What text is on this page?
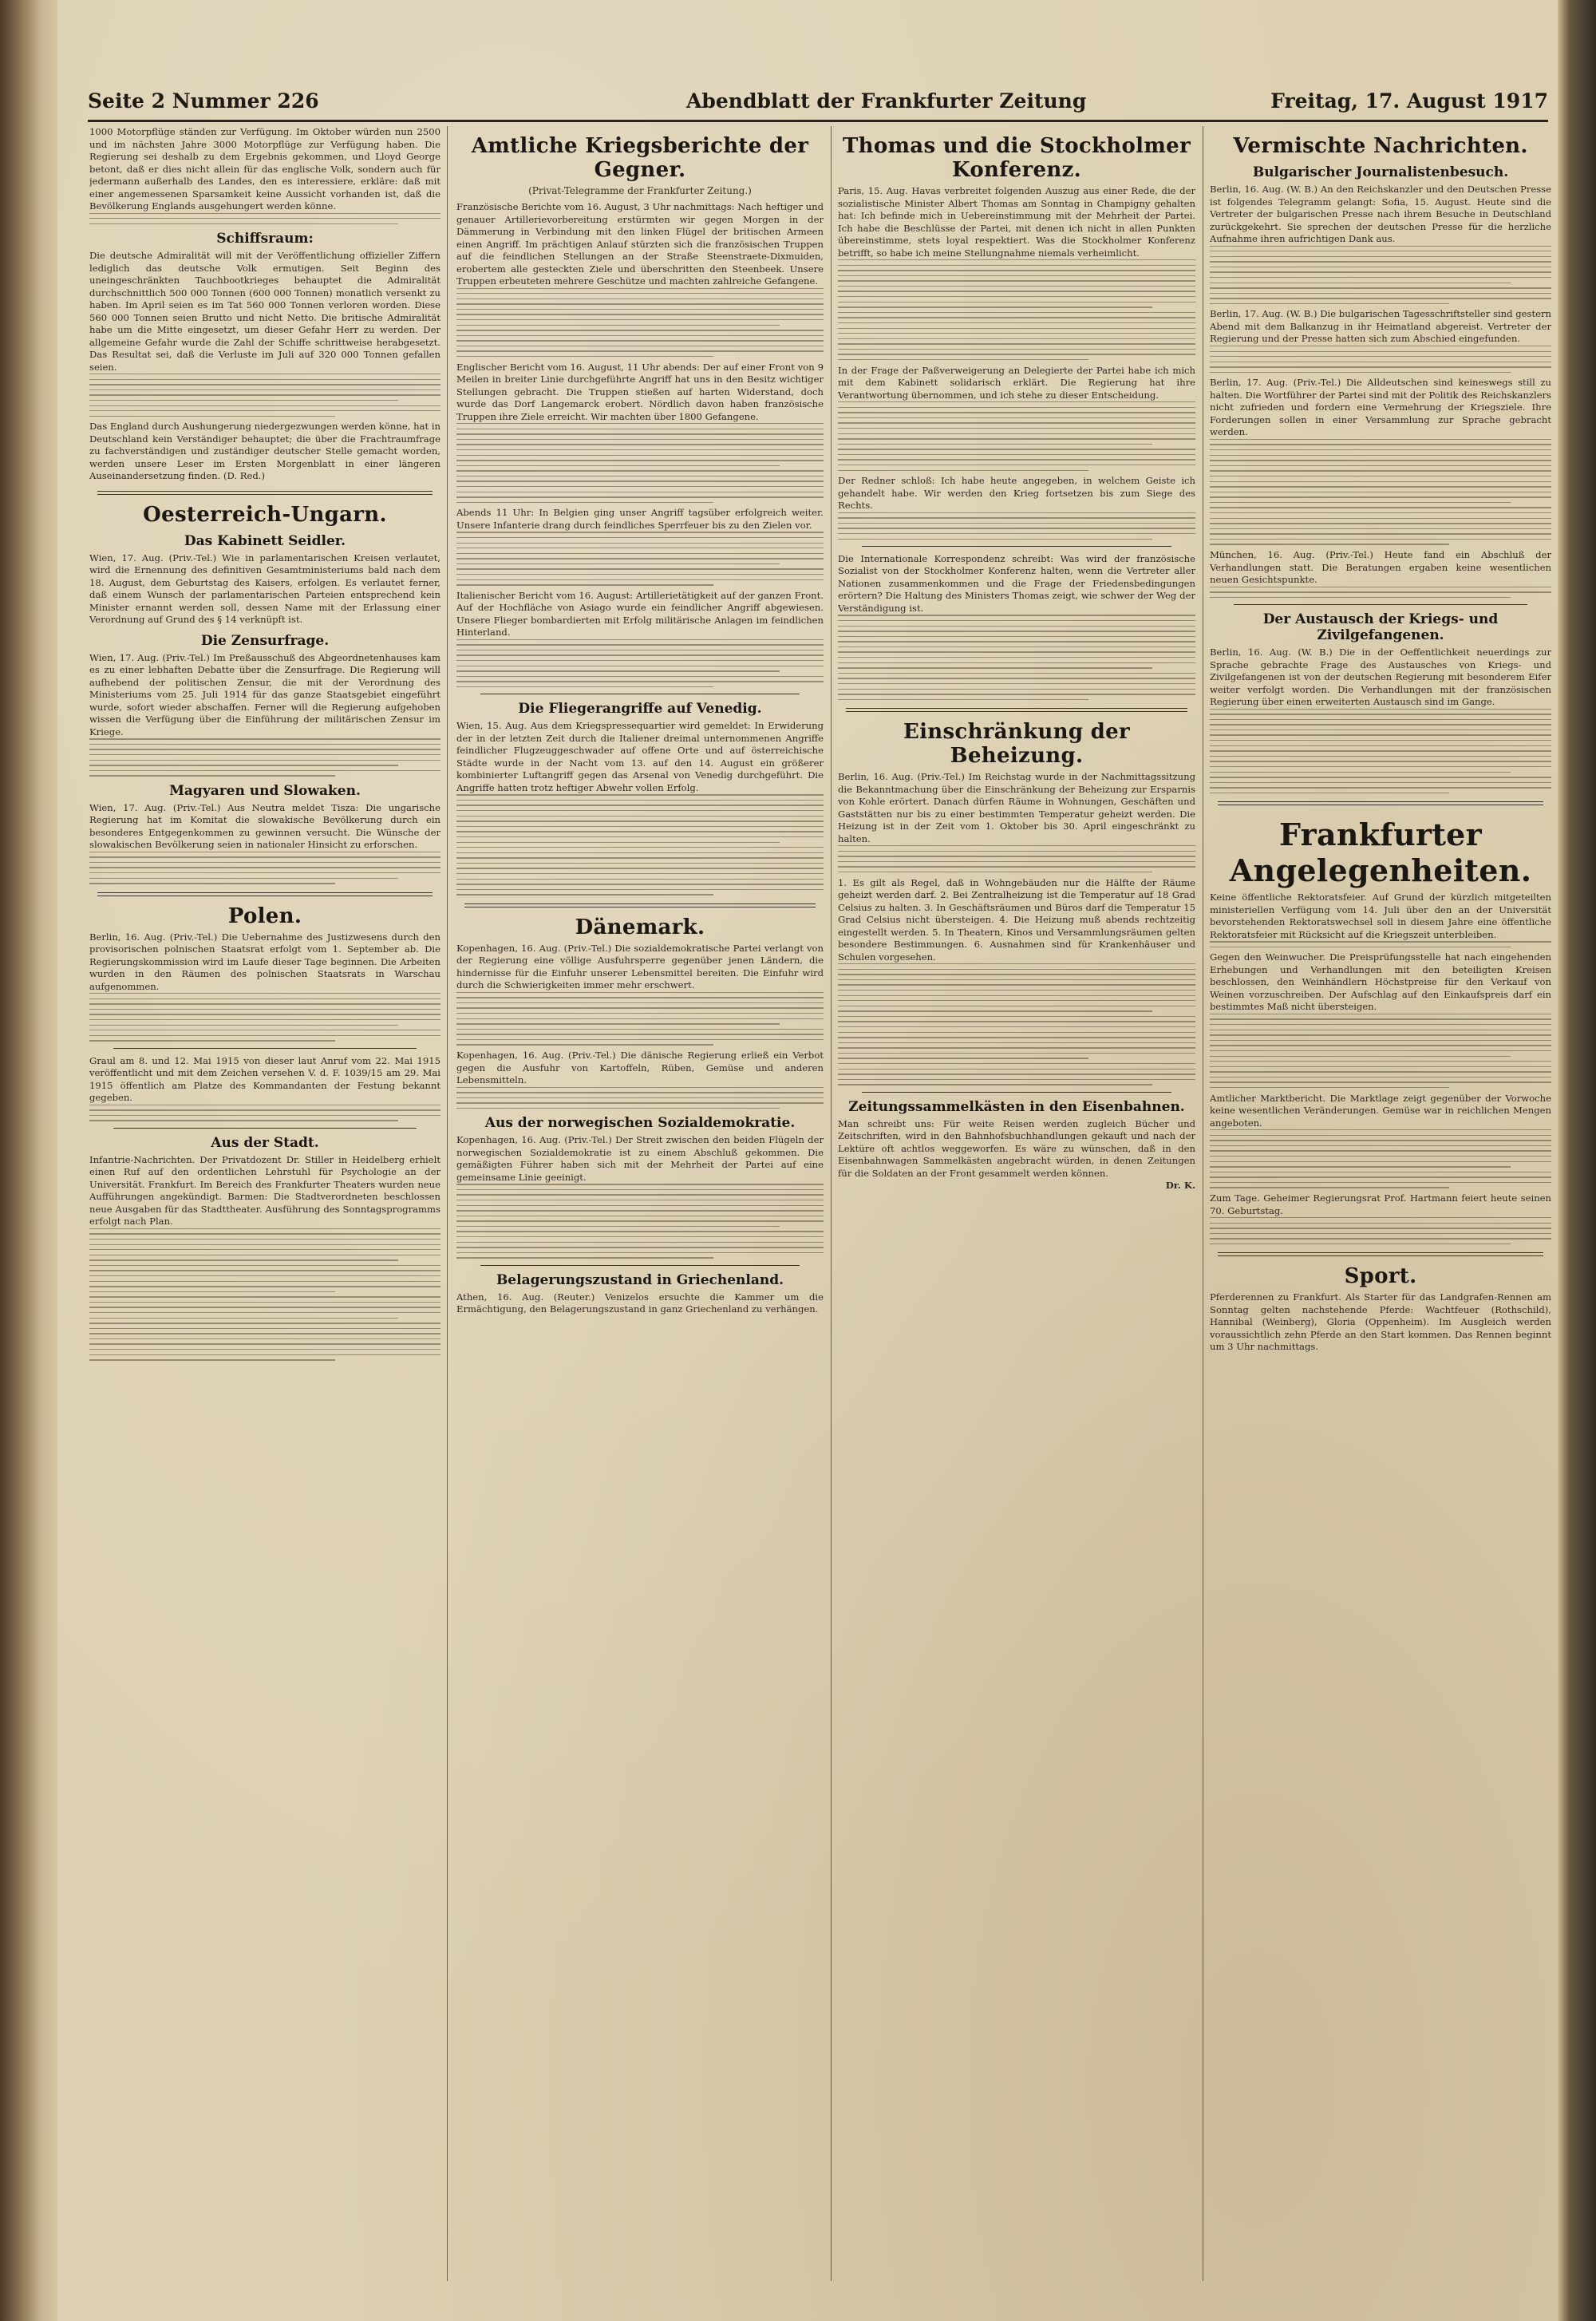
Seite 2 Nummer 226	Abendblatt der Frankfurter Zeitung	Freitag, 17. August 1917

1000 Motorpflüge ständen zur Verfügung. Im Oktober würden nun 2500 und im nächsten Jahre 3000 Motorpflüge zur Verfügung haben. Die Regierung sei deshalb zu dem Ergebnis gekommen, und Lloyd George betont, daß er dies nicht allein für das englische Volk, sondern auch für jedermann außerhalb des Landes, den es interessiere, erkläre: daß mit einer angemessenen Sparsamkeit keine Aussicht vorhanden ist, daß die Bevölkerung Englands ausgehungert werden könne.

Schiffsraum:

Die deutsche Admiralität will mit der Veröffentlichung offizieller Ziffern lediglich das deutsche Volk ermutigen. Seit Beginn des uneingeschränkten Tauchbootkrieges behauptet die Admiralität durchschnittlich 500 000 Tonnen (600 000 Tonnen) monatlich versenkt zu haben. Im April seien es im Tat 560 000 Tonnen verloren worden. Diese 560 000 Tonnen seien Brutto und nicht Netto. Die britische Admiralität habe um die Mitte eingesetzt, um dieser Gefahr Herr zu werden. Der allgemeine Gefahr wurde die Zahl der Schiffe schrittweise herabgesetzt. Das Resultat sei, daß die Verluste im Juli auf 320 000 Tonnen gefallen seien.

Das England durch Aushungerung niedergezwungen werden könne, hat in Deutschland kein Verständiger behauptet; die über die Frachtraumfrage zu fachverständigen und zuständiger deutscher Stelle gemacht worden, werden unsere Leser im Ersten Morgenblatt in einer längeren Auseinandersetzung finden. (D. Red.)

Oesterreich-Ungarn.
Das Kabinett Seidler.

Wien, 17. Aug. (Priv.-Tel.) Wie in parlamentarischen Kreisen verlautet, wird die Ernennung des definitiven Gesamtministeriums bald nach dem 18. August, dem Geburtstag des Kaisers, erfolgen. Es verlautet ferner, daß einem Wunsch der parlamentarischen Parteien entsprechend kein Minister ernannt werden soll, dessen Name mit der Erlassung einer Verordnung auf Grund des § 14 verknüpft ist.

Die Zensurfrage.

Wien, 17. Aug. (Priv.-Tel.) Im Preßausschuß des Abgeordnetenhauses kam es zu einer lebhaften Debatte über die Zensurfrage. Die Regierung will aufhebend der politischen Zensur, die mit der Verordnung des Ministeriums vom 25. Juli 1914 für das ganze Staatsgebiet eingeführt wurde, sofort wieder abschaffen. Ferner will die Regierung aufgehoben wissen die Verfügung über die Einführung der militärischen Zensur im Kriege.

Magyaren und Slowaken.

Wien, 17. Aug. (Priv.-Tel.) Aus Neutra meldet Tisza: Die ungarische Regierung hat im Komitat die slowakische Bevölkerung durch ein besonderes Entgegenkommen zu gewinnen versucht. Die Wünsche der slowakischen Bevölkerung seien in nationaler Hinsicht zu erforschen.

Polen.

Berlin, 16. Aug. (Priv.-Tel.) Die Uebernahme des Justizwesens durch den provisorischen polnischen Staatsrat erfolgt vom 1. September ab. Die Regierungskommission wird im Laufe dieser Tage beginnen. Die Arbeiten wurden in den Räumen des polnischen Staatsrats in Warschau aufgenommen.

Graul am 8. und 12. Mai 1915 von dieser laut Anruf vom 22. Mai 1915 veröffentlicht und mit dem Zeichen versehen V. d. F. 1039/15 am 29. Mai 1915 öffentlich am Platze des Kommandanten der Festung bekannt gegeben.

Aus der Stadt.

Infantrie-Nachrichten. Der Privatdozent Dr. Stiller in Heidelberg erhielt einen Ruf auf den ordentlichen Lehrstuhl für Psychologie an der Universität. Frankfurt. Im Bereich des Frankfurter Theaters wurden neue Aufführungen angekündigt. Barmen: Die Stadtverordneten beschlossen neue Ausgaben für das Stadttheater. Ausführung des Sonntagsprogramms erfolgt nach Plan.

Amtliche Kriegsberichte der Gegner.

(Privat-Telegramme der Frankfurter Zeitung.)

Französische Berichte vom 16. August, 3 Uhr nachmittags: Nach heftiger und genauer Artillerievorbereitung erstürmten wir gegen Morgen in der Dämmerung in Verbindung mit den linken Flügel der britischen Armeen einen Angriff. Im prächtigen Anlauf stürzten sich die französischen Truppen auf die feindlichen Stellungen an der Straße Steenstraete-Dixmuiden, erobertem alle gesteckten Ziele und überschritten den Steenbeek. Unsere Truppen erbeuteten mehrere Geschütze und machten zahlreiche Gefangene.

Englischer Bericht vom 16. August, 11 Uhr abends: Der auf einer Front von 9 Meilen in breiter Linie durchgeführte Angriff hat uns in den Besitz wichtiger Stellungen gebracht. Die Truppen stießen auf harten Widerstand, doch wurde das Dorf Langemarck erobert. Nördlich davon haben französische Truppen ihre Ziele erreicht. Wir machten über 1800 Gefangene.

Abends 11 Uhr: In Belgien ging unser Angriff tagsüber erfolgreich weiter. Unsere Infanterie drang durch feindliches Sperrfeuer bis zu den Zielen vor.

Italienischer Bericht vom 16. August: Artillerietätigkeit auf der ganzen Front. Auf der Hochfläche von Asiago wurde ein feindlicher Angriff abgewiesen. Unsere Flieger bombardierten mit Erfolg militärische Anlagen im feindlichen Hinterland.

Die Fliegerangriffe auf Venedig.

Wien, 15. Aug. Aus dem Kriegspressequartier wird gemeldet: In Erwiderung der in der letzten Zeit durch die Italiener dreimal unternommenen Angriffe feindlicher Flugzeuggeschwader auf offene Orte und auf österreichische Städte wurde in der Nacht vom 13. auf den 14. August ein größerer kombinierter Luftangriff gegen das Arsenal von Venedig durchgeführt. Die Angriffe hatten trotz heftiger Abwehr vollen Erfolg.

Dänemark.

Kopenhagen, 16. Aug. (Priv.-Tel.) Die sozialdemokratische Partei verlangt von der Regierung eine völlige Ausfuhrsperre gegenüber jenen Ländern, die hindernisse für die Einfuhr unserer Lebensmittel bereiten. Die Einfuhr wird durch die Schwierigkeiten immer mehr erschwert.

Kopenhagen, 16. Aug. (Priv.-Tel.) Die dänische Regierung erließ ein Verbot gegen die Ausfuhr von Kartoffeln, Rüben, Gemüse und anderen Lebensmitteln.

Aus der norwegischen Sozialdemokratie.

Kopenhagen, 16. Aug. (Priv.-Tel.) Der Streit zwischen den beiden Flügeln der norwegischen Sozialdemokratie ist zu einem Abschluß gekommen. Die gemäßigten Führer haben sich mit der Mehrheit der Partei auf eine gemeinsame Linie geeinigt.

Belagerungszustand in Griechenland.

Athen, 16. Aug. (Reuter.) Venizelos ersuchte die Kammer um die Ermächtigung, den Belagerungszustand in ganz Griechenland zu verhängen.

Thomas und die Stockholmer Konferenz.

Paris, 15. Aug. Havas verbreitet folgenden Auszug aus einer Rede, die der sozialistische Minister Albert Thomas am Sonntag in Champigny gehalten hat: Ich befinde mich in Uebereinstimmung mit der Mehrheit der Partei. Ich habe die Beschlüsse der Partei, mit denen ich nicht in allen Punkten übereinstimme, stets loyal respektiert. Was die Stockholmer Konferenz betrifft, so habe ich meine Stellungnahme niemals verheimlicht.

In der Frage der Paßverweigerung an Delegierte der Partei habe ich mich mit dem Kabinett solidarisch erklärt. Die Regierung hat ihre Verantwortung übernommen, und ich stehe zu dieser Entscheidung.

Der Redner schloß: Ich habe heute angegeben, in welchem Geiste ich gehandelt habe. Wir werden den Krieg fortsetzen bis zum Siege des Rechts.

Die Internationale Korrespondenz schreibt: Was wird der französische Sozialist von der Stockholmer Konferenz halten, wenn die Vertreter aller Nationen zusammenkommen und die Frage der Friedensbedingungen erörtern? Die Haltung des Ministers Thomas zeigt, wie schwer der Weg der Verständigung ist.

Einschränkung der Beheizung.

Berlin, 16. Aug. (Priv.-Tel.) Im Reichstag wurde in der Nachmittagssitzung die Bekanntmachung über die Einschränkung der Beheizung zur Ersparnis von Kohle erörtert. Danach dürfen Räume in Wohnungen, Geschäften und Gaststätten nur bis zu einer bestimmten Temperatur geheizt werden. Die Heizung ist in der Zeit vom 1. Oktober bis 30. April eingeschränkt zu halten.

1. Es gilt als Regel, daß in Wohngebäuden nur die Hälfte der Räume geheizt werden darf. 2. Bei Zentralheizung ist die Temperatur auf 18 Grad Celsius zu halten. 3. In Geschäftsräumen und Büros darf die Temperatur 15 Grad Celsius nicht übersteigen. 4. Die Heizung muß abends rechtzeitig eingestellt werden. 5. In Theatern, Kinos und Versammlungsräumen gelten besondere Bestimmungen. 6. Ausnahmen sind für Krankenhäuser und Schulen vorgesehen.

Zeitungssammelkästen in den Eisenbahnen.

Man schreibt uns: Für weite Reisen werden zugleich Bücher und Zeitschriften, wird in den Bahnhofsbuchhandlungen gekauft und nach der Lektüre oft achtlos weggeworfen. Es wäre zu wünschen, daß in den Eisenbahnwagen Sammelkästen angebracht würden, in denen Zeitungen für die Soldaten an der Front gesammelt werden können.

Dr. K.

Vermischte Nachrichten.
Bulgarischer Journalistenbesuch.

Berlin, 16. Aug. (W. B.) An den Reichskanzler und den Deutschen Presse ist folgendes Telegramm gelangt: Sofia, 15. August. Heute sind die Vertreter der bulgarischen Presse nach ihrem Besuche in Deutschland zurückgekehrt. Sie sprechen der deutschen Presse für die herzliche Aufnahme ihren aufrichtigen Dank aus.

Berlin, 17. Aug. (W. B.) Die bulgarischen Tagesschriftsteller sind gestern Abend mit dem Balkanzug in ihr Heimatland abgereist. Vertreter der Regierung und der Presse hatten sich zum Abschied eingefunden.

Berlin, 17. Aug. (Priv.-Tel.) Die Alldeutschen sind keineswegs still zu halten. Die Wortführer der Partei sind mit der Politik des Reichskanzlers nicht zufrieden und fordern eine Vermehrung der Kriegsziele. Ihre Forderungen sollen in einer Versammlung zur Sprache gebracht werden.

München, 16. Aug. (Priv.-Tel.) Heute fand ein Abschluß der Verhandlungen statt. Die Beratungen ergaben keine wesentlichen neuen Gesichtspunkte.

Der Austausch der Kriegs- und Zivilgefangenen.

Berlin, 16. Aug. (W. B.) Die in der Oeffentlichkeit neuerdings zur Sprache gebrachte Frage des Austausches von Kriegs- und Zivilgefangenen ist von der deutschen Regierung mit besonderem Eifer weiter verfolgt worden. Die Verhandlungen mit der französischen Regierung über einen erweiterten Austausch sind im Gange.

Frankfurter Angelegenheiten.

Keine öffentliche Rektoratsfeier. Auf Grund der kürzlich mitgeteilten ministeriellen Verfügung vom 14. Juli über den an der Universität bevorstehenden Rektoratswechsel soll in diesem Jahre eine öffentliche Rektoratsfeier mit Rücksicht auf die Kriegszeit unterbleiben.

Gegen den Weinwucher. Die Preisprüfungsstelle hat nach eingehenden Erhebungen und Verhandlungen mit den beteiligten Kreisen beschlossen, den Weinhändlern Höchstpreise für den Verkauf von Weinen vorzuschreiben. Der Aufschlag auf den Einkaufspreis darf ein bestimmtes Maß nicht übersteigen.

Amtlicher Marktbericht. Die Marktlage zeigt gegenüber der Vorwoche keine wesentlichen Veränderungen. Gemüse war in reichlichen Mengen angeboten.

Zum Tage. Geheimer Regierungsrat Prof. Hartmann feiert heute seinen 70. Geburtstag.

Sport.

Pferderennen zu Frankfurt. Als Starter für das Landgrafen-Rennen am Sonntag gelten nachstehende Pferde: Wachtfeuer (Rothschild), Hannibal (Weinberg), Gloria (Oppenheim). Im Ausgleich werden voraussichtlich zehn Pferde an den Start kommen. Das Rennen beginnt um 3 Uhr nachmittags.
